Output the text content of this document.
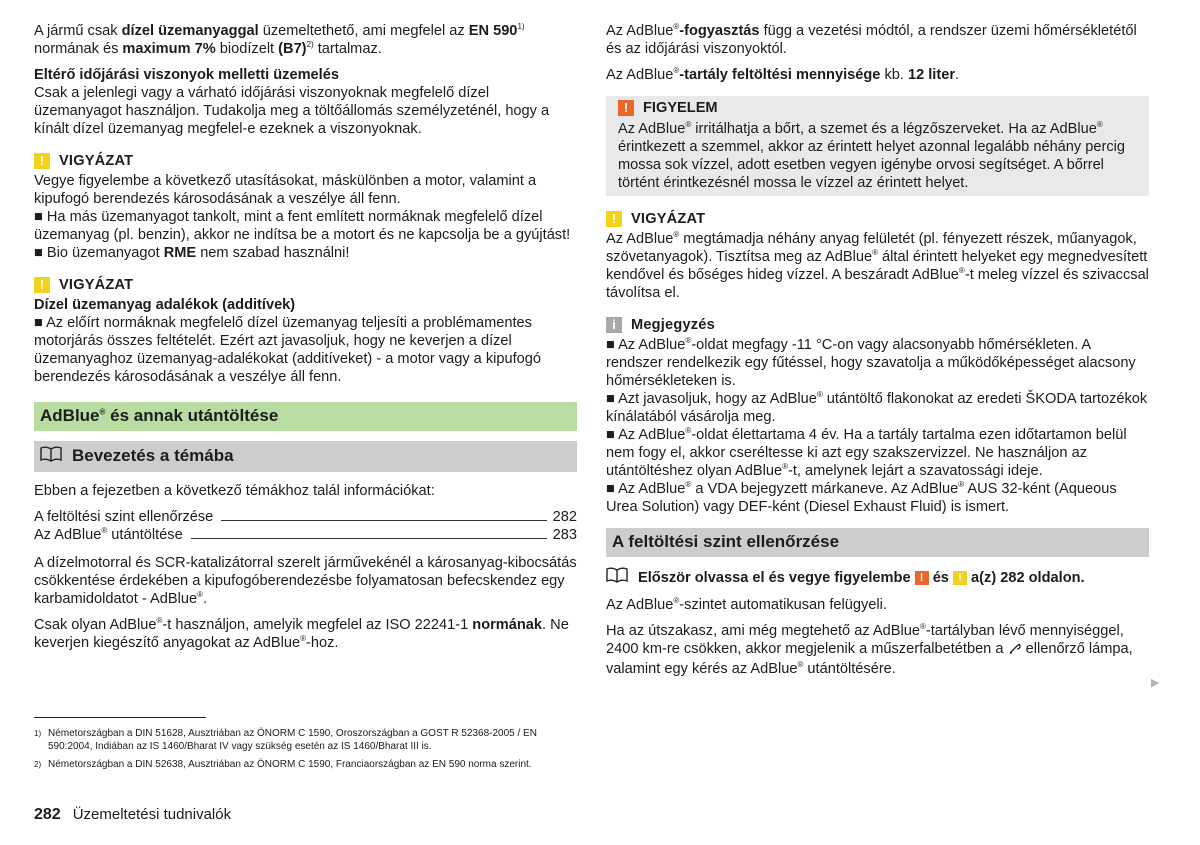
A jármű csak dízel üzemanyaggal üzemeltethető, ami megfelel az EN 590$^{1)}$ normának és maximum 7% biodízelt $(B7)^{2)}$ tartalmaz.

Eltérő időjárási viszonyok melletti üzemelés

Csak a jelenlegi vagy a várható időjárási viszonyoknak megfelelő dízel üzemanyagot használjon. Tudakolja meg a töltőállomás személyzeténél, hogy a kínált dízel üzemanyag megfelel-e ezeknek a viszonyoknak.

!	VIGYÁZAT

Vegye figyelembe a következő utasításokat, máskülönben a motor, valamint a kipufogó berendezés károsodásának a veszélye áll fenn.

■ Ha más üzemanyagot tankolt, mint a fent említett normáknak megfelelő dízel üzemanyag (pl. benzin), akkor ne indítsa be a motort és ne kapcsolja be a gyújtást!

■ Bio üzemanyagot RME nem szabad használni!

!	VIGYÁZAT

Dízel üzemanyag adalékok (additívek)

■ Az előírt normáknak megfelelő dízel üzemanyag teljesíti a problémamentes motorjárás összes feltételét. Ezért azt javasoljuk, hogy ne keverjen a dízel üzemanyaghoz üzemanyag-adalékokat (additíveket) - a motor vagy a kipufogó berendezés károsodásának a veszélye áll fenn.

AdBlue® és annak utántöltése
Bevezetés a témába

Ebben a fejezetben a következő témákhoz talál információkat:

A feltöltési szint ellenőrzése	282
Az AdBlue® utántöltése	283

A dízelmotorral és SCR-katalizátorral szerelt járművekénél a károsanyag-kibocsátás csökkentése érdekében a kipufogóberendezésbe folyamatosan befecskendez egy karbamidoldatot - AdBlue®.

Csak olyan AdBlue®-t használjon, amelyik megfelel az ISO 22241-1 normának. Ne keverjen kiegészítő anyagokat az AdBlue®-hoz.

Az AdBlue®-fogyasztás függ a vezetési módtól, a rendszer üzemi hőmérsékletétől és az időjárási viszonyoktól.

Az AdBlue®-tartály feltöltési mennyisége kb. 12 liter.

!	FIGYELEM

Az AdBlue® irritálhatja a bőrt, a szemet és a légzőszerveket. Ha az AdBlue® érintkezett a szemmel, akkor az érintett helyet azonnal legalább néhány percig mossa sok vízzel, adott esetben vegyen igénybe orvosi segítséget. A bőrrel történt érintkezésnél mossa le vízzel az érintett helyet.

!	VIGYÁZAT

Az AdBlue® megtámadja néhány anyag felületét (pl. fényezett részek, műanyagok, szövetanyagok). Tisztítsa meg az AdBlue® által érintett helyeket egy megnedvesített kendővel és bőséges hideg vízzel. A beszáradt AdBlue®-t meleg vízzel és szivaccsal távolítsa el.

i	Megjegyzés

■ Az AdBlue®-oldat megfagy -11 °C-on vagy alacsonyabb hőmérsékleten. A rendszer rendelkezik egy fűtéssel, hogy szavatolja a működőképességet alacsony hőmérsékleteken is.

■ Azt javasoljuk, hogy az AdBlue® utántöltő flakonokat az eredeti ŠKODA tartozékok kínálatából vásárolja meg.

■ Az AdBlue®-oldat élettartama 4 év. Ha a tartály tartalma ezen időtartamon belül nem fogy el, akkor cseréltesse ki azt egy szakszervizzel. Ne használjon az utántöltéshez olyan AdBlue®-t, amelynek lejárt a szavatossági ideje.

■ Az AdBlue® a VDA bejegyzett márkaneve. Az AdBlue® AUS 32-ként (Aqueous Urea Solution) vagy DEF-ként (Diesel Exhaust Fluid) is ismert.

A feltöltési szint ellenőrzése

Először olvassa el és vegye figyelembe
!
és
!
a(z) 282 oldalon.

Az AdBlue®-szintet automatikusan felügyeli.

Ha az útszakasz, ami még megtehető az AdBlue®-tartályban lévő mennyiséggel, 2400 km-re csökken, akkor megjelenik a műszerfalbetétben a ellenőrző lámpa, valamint egy kérés az AdBlue® utántöltésére.

▶
1) Németországban a DIN 51628, Ausztriában az ÖNORM C 1590, Oroszországban a GOST R 52368-2005 / EN 590:2004, Indiában az IS 1460/Bharat IV vagy szükség esetén az IS 1460/Bharat III is.
2) Németországban a DIN 52638, Ausztriában az ÖNORM C 1590, Franciaországban az EN 590 norma szerint.
282 Üzemeltetési tudnivalók
